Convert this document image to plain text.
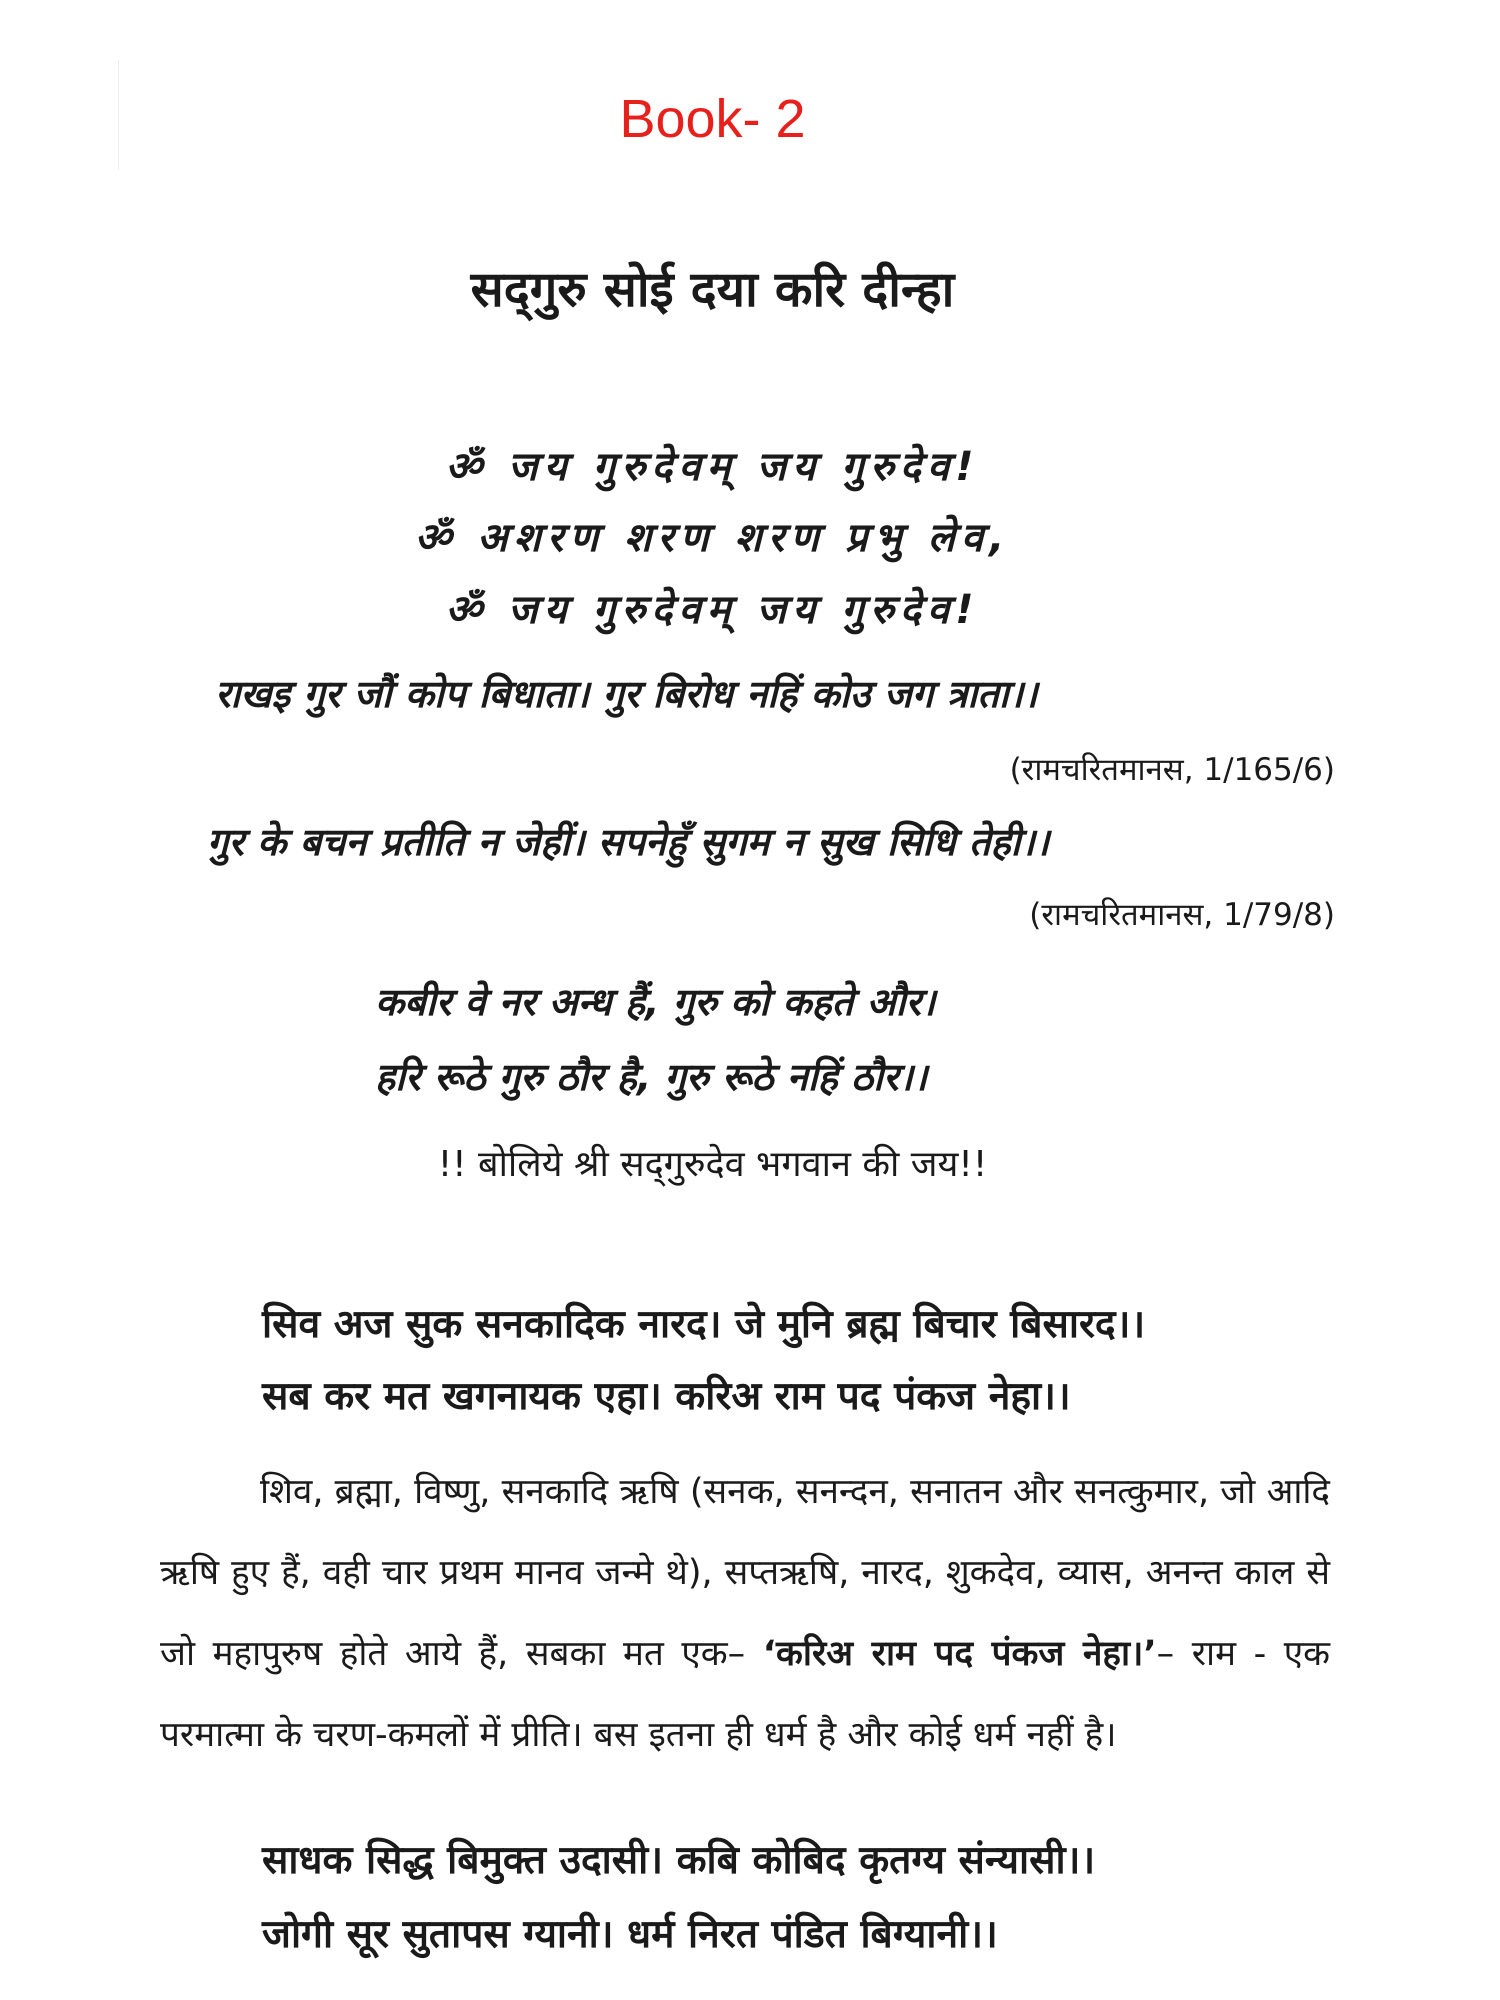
Book- 2
सद्‌गुरु सोई दया करि दीन्हा
ॐ जय गुरुदेवम्‌ जय गुरुदेव!
ॐ अशरण शरण शरण प्रभु लेव,
ॐ जय गुरुदेवम्‌ जय गुरुदेव!
राखइ गुर जौं कोप बिधाता। गुर बिरोध नहिं कोउ जग त्राता।।
(रामचरितमानस, 1/165/6)
गुर के बचन प्रतीति न जेहीं। सपनेहुँ सुगम न सुख सिधि तेही।।
(रामचरितमानस, 1/79/8)
कबीर वे नर अन्ध हैं, गुरु को कहते और।
हरि रूठे गुरु ठौर है, गुरु रूठे नहिं ठौर।।
!! बोलिये श्री सद्‌गुरुदेव भगवान की जय!!
सिव अज सुक सनकादिक नारद। जे मुनि ब्रह्म बिचार बिसारद।।
सब कर मत खगनायक एहा। करिअ राम पद पंकज नेहा।।
शिव, ब्रह्मा, विष्णु, सनकादि ऋषि (सनक, सनन्दन, सनातन और सनत्कुमार, जो आदि ऋषि हुए हैं, वही चार प्रथम मानव जन्मे थे), सप्तऋषि, नारद, शुकदेव, व्यास, अनन्त काल से जो महापुरुष होते आये हैं, सबका मत एक– ‘करिअ राम पद पंकज नेहा।’– राम - एक परमात्मा के चरण-कमलों में प्रीति। बस इतना ही धर्म है और कोई धर्म नहीं है।
साधक सिद्ध बिमुक्त उदासी। कबि कोबिद कृतग्य संन्यासी।।
जोगी सूर सुतापस ग्यानी। धर्म निरत पंडित बिग्यानी।।
